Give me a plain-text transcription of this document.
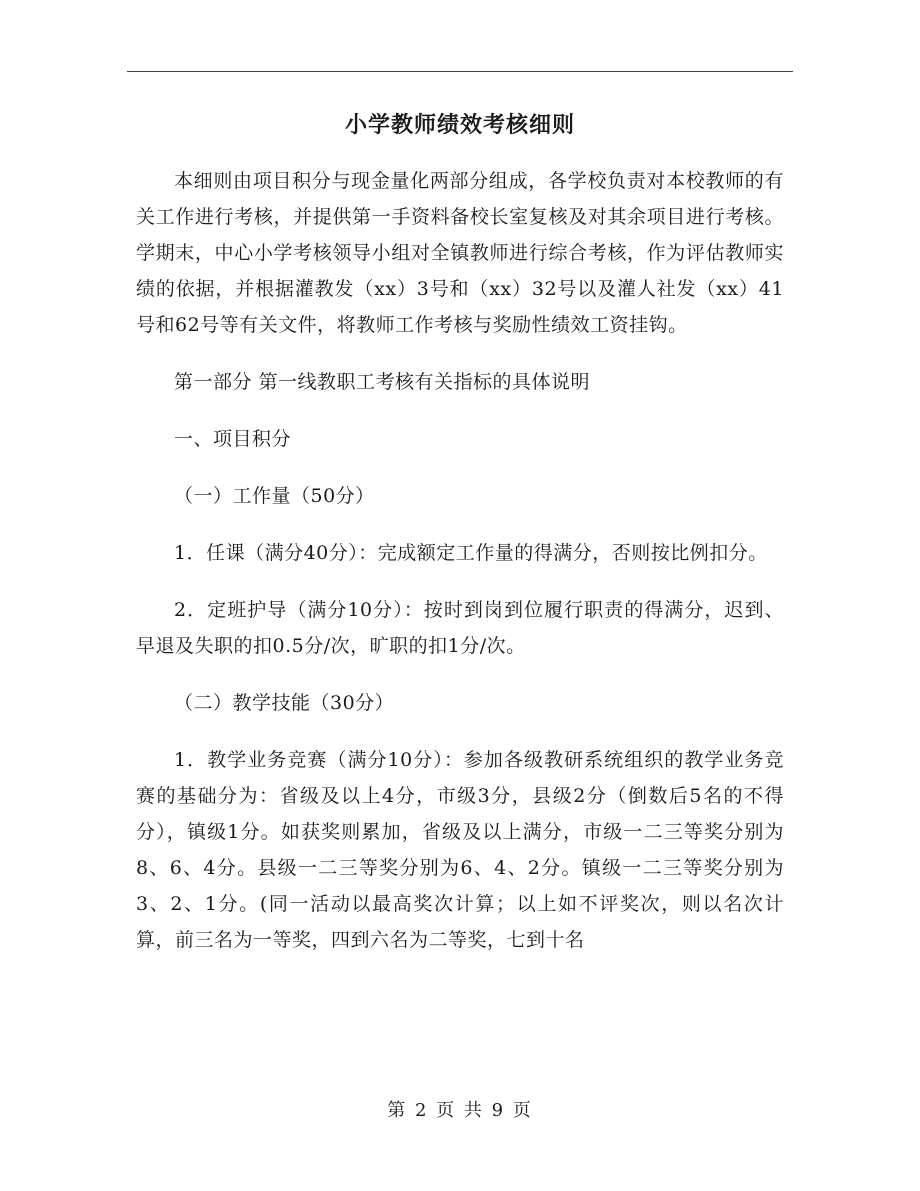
小学教师绩效考核细则

本细则由项目积分与现金量化两部分组成，各学校负责对本校教师的有关工作进行考核，并提供第一手资料备校长室复核及对其余项目进行考核。学期末，中心小学考核领导小组对全镇教师进行综合考核，作为评估教师实绩的依据，并根据灌教发（xx）3号和（xx）32号以及灌人社发（xx）41号和62号等有关文件，将教师工作考核与奖励性绩效工资挂钩。

第一部分 第一线教职工考核有关指标的具体说明

一、项目积分

（一）工作量（50分）

1．任课（满分40分）：完成额定工作量的得满分，否则按比例扣分。

2．定班护导（满分10分）：按时到岗到位履行职责的得满分，迟到、早退及失职的扣0.5分/次，旷职的扣1分/次。

（二）教学技能（30分）

1．教学业务竞赛（满分10分）：参加各级教研系统组织的教学业务竞赛的基础分为：省级及以上4分，市级3分，县级2分（倒数后5名的不得分），镇级1分。如获奖则累加，省级及以上满分，市级一二三等奖分别为8、6、4分。县级一二三等奖分别为6、4、2分。镇级一二三等奖分别为3、2、1分。(同一活动以最高奖次计算；以上如不评奖次，则以名次计算，前三名为一等奖，四到六名为二等奖，七到十名

第 2 页 共 9 页
